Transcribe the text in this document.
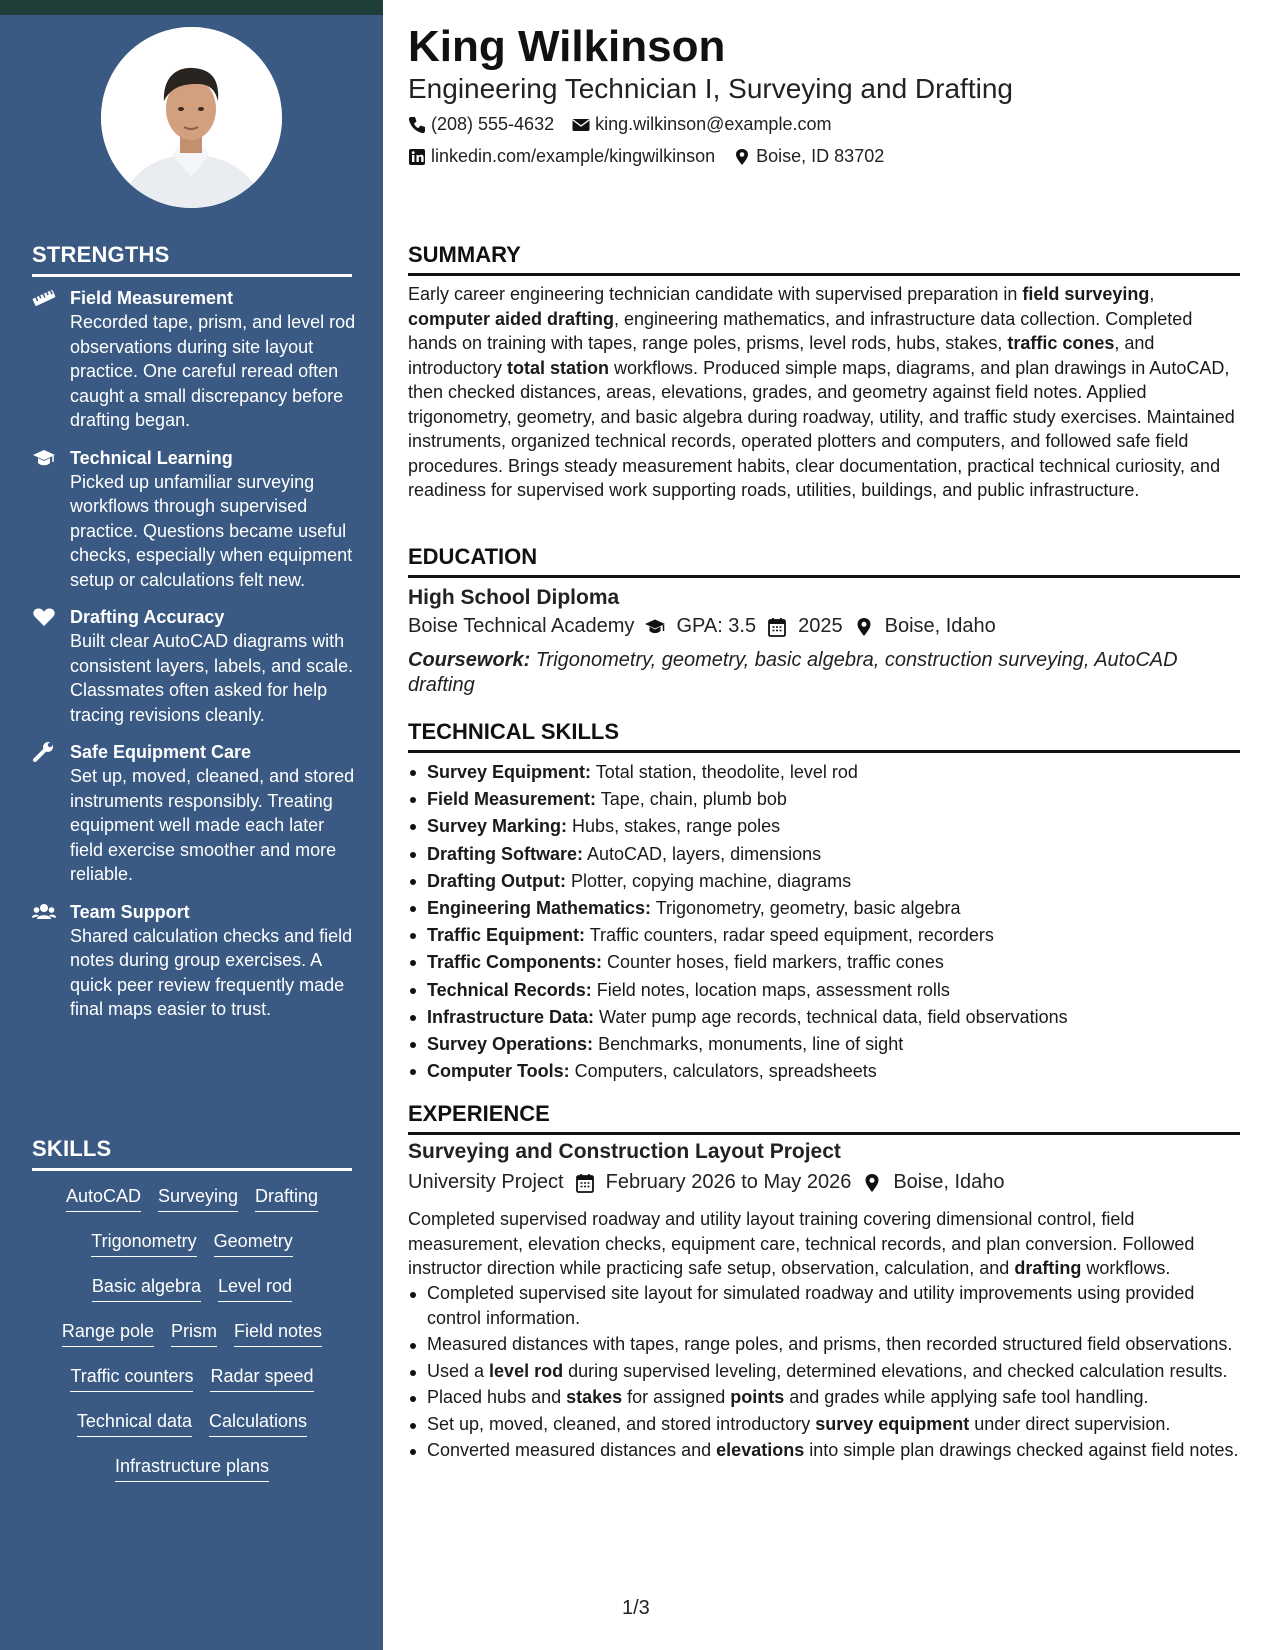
STRENGTHS
Field Measurement
Recorded tape, prism, and level rod observations during site layout practice. One careful reread often caught a small discrepancy before drafting began.
Technical Learning
Picked up unfamiliar surveying workflows through supervised practice. Questions became useful checks, especially when equipment setup or calculations felt new.
Drafting Accuracy
Built clear AutoCAD diagrams with consistent layers, labels, and scale. Classmates often asked for help tracing revisions cleanly.
Safe Equipment Care
Set up, moved, cleaned, and stored instruments responsibly. Treating equipment well made each later field exercise smoother and more reliable.
Team Support
Shared calculation checks and field notes during group exercises. A quick peer review frequently made final maps easier to trust.
SKILLS
AutoCAD Surveying Drafting
Trigonometry Geometry
Basic algebra Level rod
Range pole Prism Field notes
Traffic counters Radar speed
Technical data Calculations
Infrastructure plans
King Wilkinson
Engineering Technician I, Surveying and Drafting
(208) 555-4632 king.wilkinson@example.com
linkedin.com/example/kingwilkinson Boise, ID 83702
SUMMARY

Early career engineering technician candidate with supervised preparation in field surveying, computer aided drafting, engineering mathematics, and infrastructure data collection. Completed hands on training with tapes, range poles, prisms, level rods, hubs, stakes, traffic cones, and introductory total station workflows. Produced simple maps, diagrams, and plan drawings in AutoCAD, then checked distances, areas, elevations, grades, and geometry against field notes. Applied trigonometry, geometry, and basic algebra during roadway, utility, and traffic study exercises. Maintained instruments, organized technical records, operated plotters and computers, and followed safe field procedures. Brings steady measurement habits, clear documentation, practical technical curiosity, and readiness for supervised work supporting roads, utilities, buildings, and public infrastructure.

EDUCATION
High School Diploma
Boise Technical Academy GPA: 3.5 2025 Boise, Idaho
Coursework: Trigonometry, geometry, basic algebra, construction surveying, AutoCAD drafting
TECHNICAL SKILLS
Survey Equipment: Total station, theodolite, level rod
Field Measurement: Tape, chain, plumb bob
Survey Marking: Hubs, stakes, range poles
Drafting Software: AutoCAD, layers, dimensions
Drafting Output: Plotter, copying machine, diagrams
Engineering Mathematics: Trigonometry, geometry, basic algebra
Traffic Equipment: Traffic counters, radar speed equipment, recorders
Traffic Components: Counter hoses, field markers, traffic cones
Technical Records: Field notes, location maps, assessment rolls
Infrastructure Data: Water pump age records, technical data, field observations
Survey Operations: Benchmarks, monuments, line of sight
Computer Tools: Computers, calculators, spreadsheets
EXPERIENCE
Surveying and Construction Layout Project
University Project February 2026 to May 2026 Boise, Idaho

Completed supervised roadway and utility layout training covering dimensional control, field measurement, elevation checks, equipment care, technical records, and plan conversion. Followed instructor direction while practicing safe setup, observation, calculation, and drafting workflows.

Completed supervised site layout for simulated roadway and utility improvements using provided control information.
Measured distances with tapes, range poles, and prisms, then recorded structured field observations.
Used a level rod during supervised leveling, determined elevations, and checked calculation results.
Placed hubs and stakes for assigned points and grades while applying safe tool handling.
Set up, moved, cleaned, and stored introductory survey equipment under direct supervision.
Converted measured distances and elevations into simple plan drawings checked against field notes.
1/3
